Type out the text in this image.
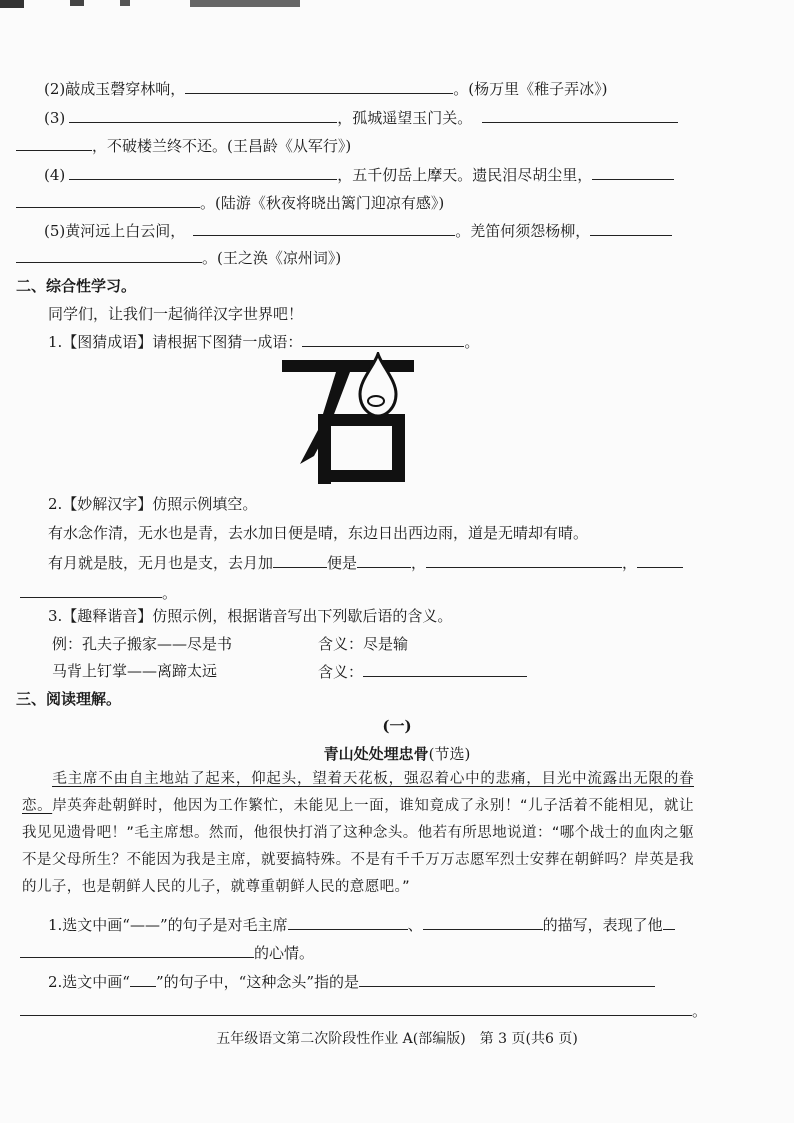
(2)敲成玉磬穿林响，	。(杨万里《稚子弄冰》)
(3)	，孤城遥望玉门关。
，不破楼兰终不还。(王昌龄《从军行》)
(4)	，五千仞岳上摩天。遗民泪尽胡尘里，
。(陆游《秋夜将晓出篱门迎凉有感》)
(5)黄河远上白云间，	。羌笛何须怨杨柳，
。(王之涣《凉州词》)
二、综合性学习。
同学们，让我们一起徜徉汉字世界吧！
1.【图猜成语】请根据下图猜一成语：	。
2.【妙解汉字】仿照示例填空。
有水念作清，无水也是青，去水加日便是晴，东边日出西边雨，道是无晴却有晴。
有月就是肢，无月也是支，去月加	便是	，	，
。
3.【趣释谐音】仿照示例，根据谐音写出下列歇后语的含义。
例：孔夫子搬家——尽是书	含义：尽是输
马背上钉掌——离蹄太远	含义：
三、阅读理解。
(一)
青山处处埋忠骨(节选)
毛主席不由自主地站了起来，仰起头，望着天花板，强忍着心中的悲痛，目光中流露出无限的眷恋。岸英奔赴朝鲜时，他因为工作繁忙，未能见上一面，谁知竟成了永别！“儿子活着不能相见，就让我见见遗骨吧！”毛主席想。然而，他很快打消了这种念头。他若有所思地说道：“哪个战士的血肉之躯不是父母所生？不能因为我是主席，就要搞特殊。不是有千千万万志愿军烈士安葬在朝鲜吗？岸英是我的儿子，也是朝鲜人民的儿子，就尊重朝鲜人民的意愿吧。”
1.选文中画“——”的句子是对毛主席	、	的描写，表现了他
的心情。
2.选文中画“ ”的句子中，“这种念头”指的是
。
五年级语文第二次阶段性作业 A(部编版)　第 3 页(共6 页)
